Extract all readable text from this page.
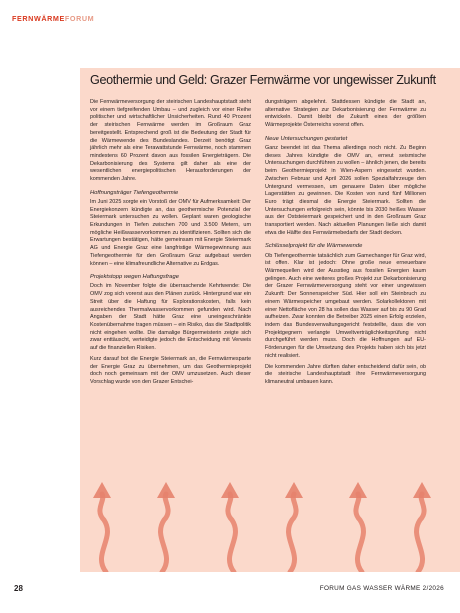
FERNWÄRMEFORUM
Geothermie und Geld: Grazer Fernwärme vor ungewisser Zukunft

Die Fernwärmeversorgung der steirischen Landeshauptstadt steht vor einem tiefgreifenden Umbau – und zugleich vor einer Reihe politischer und wirtschaftlicher Unsicherheiten. Rund 40 Prozent der steirischen Fernwärme werden im Großraum Graz bereitgestellt. Entsprechend groß ist die Bedeutung der Stadt für die Wärmewende des Bundeslandes. Derzeit benötigt Graz jährlich mehr als eine Terawattstunde Fernwärme, noch stammen mindestens 60 Prozent davon aus fossilen Energieträgern. Die Dekarbonisierung des Systems gilt daher als eine der wesentlichen energiepolitischen Herausforderungen der kommenden Jahre.

Hoffnungsträger Tiefengeothermie

Im Juni 2025 sorgte ein Vorstoß der OMV für Aufmerksamkeit: Der Energiekonzern kündigte an, das geothermische Potenzial der Steiermark untersuchen zu wollen. Geplant waren geologische Erkundungen in Tiefen zwischen 700 und 3.500 Metern, um mögliche Heißwasservorkommen zu identifizieren. Sollten sich die Erwartungen bestätigen, hätte gemeinsam mit Energie Steiermark AG und Energie Graz eine langfristige Wärmegewinnung aus Tiefengeothermie für den Großraum Graz aufgebaut werden können – eine klimafreundliche Alternative zu Erdgas.

Projektstopp wegen Haftungsfrage

Doch im November folgte die überraschende Kehrtwende: Die OMV zog sich vorerst aus den Plänen zurück. Hintergrund war ein Streit über die Haftung für Explorationskosten, falls kein ausreichendes Thermalwasservorkommen gefunden wird. Nach Angaben der Stadt hätte Graz eine uneingeschränkte Kostenübernahme tragen müssen – ein Risiko, das die Stadtpolitik nicht eingehen wollte. Die damalige Bürgermeisterin zeigte sich zwar enttäuscht, verteidigte jedoch die Entscheidung mit Verweis auf die finanziellen Risiken.

Kurz darauf bot die Energie Steiermark an, die Fernwärmesparte der Energie Graz zu übernehmen, um das Geothermieprojekt doch noch gemeinsam mit der OMV umzusetzen. Auch dieser Vorschlag wurde von den Grazer Entschei-

dungsträgern abgelehnt. Stattdessen kündigte die Stadt an, alternative Strategien zur Dekarbonisierung der Fernwärme zu entwickeln. Damit bleibt die Zukunft eines der größten Wärmeprojekte Österreichs vorerst offen.

Neue Untersuchungen gestartet

Ganz beendet ist das Thema allerdings noch nicht. Zu Beginn dieses Jahres kündigte die OMV an, erneut seismische Untersuchungen durchführen zu wollen – ähnlich jenen, die bereits beim Geothermieprojekt in Wien-Aspern eingesetzt wurden. Zwischen Februar und April 2026 sollen Spezialfahrzeuge den Untergrund vermessen, um genauere Daten über mögliche Lagerstätten zu gewinnen. Die Kosten von rund fünf Millionen Euro trägt diesmal die Energie Steiermark. Sollten die Untersuchungen erfolgreich sein, könnte bis 2030 heißes Wasser aus der Oststeiermark gespeichert und in den Großraum Graz transportiert werden. Nach aktuellen Planungen ließe sich damit etwa die Hälfte des Fernwärmebedarfs der Stadt decken.

Schlüsselprojekt für die Wärmewende

Ob Tiefengeothermie tatsächlich zum Gamechanger für Graz wird, ist offen. Klar ist jedoch: Ohne große neue erneuerbare Wärmequellen wird der Ausstieg aus fossilen Energien kaum gelingen. Auch eine weiteres großes Projekt zur Dekarbonisierung der Grazer Fernwärmeversorgung steht vor einer ungewissen Zukunft: Der Sonnenspeicher Süd. Hier soll ein Steinbruch zu einem Wärmespeicher umgebaut werden. Solarkollektoren mit einer Nettofläche von 28 ha sollen das Wasser auf bis zu 90 Grad aufheizen. Zwar konnten die Betreiber 2025 einen Erfolg erzielen, indem das Bundesverwaltungsgericht feststellte, dass die von Projektgegnern verlangte Umweltverträglichkeitsprüfung nicht durchgeführt werden muss. Doch die Hoffnungen auf EU-Förderungen für die Umsetzung des Projekts haben sich bis jetzt nicht realisiert.

Die kommenden Jahre dürften daher entscheidend dafür sein, ob die steirische Landeshauptstadt ihre Fernwärmeversorgung klimaneutral umbauen kann.

28	FORUM GAS WASSER WÄRME 2/2026
